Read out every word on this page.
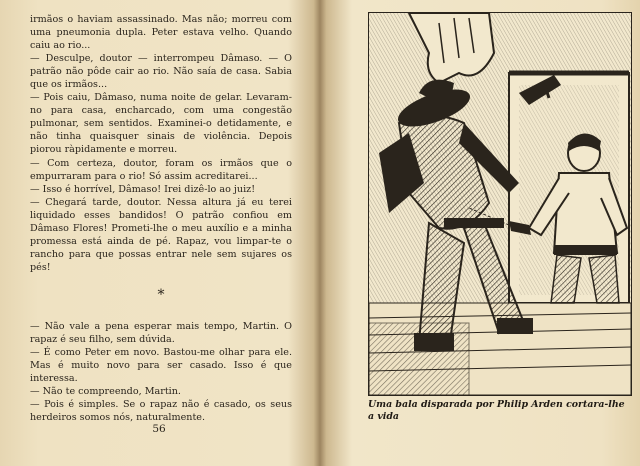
irmãos o haviam assassinado. Mas não; morreu com uma pneumonia dupla. Peter estava velho. Quando caiu ao rio...

— Desculpe, doutor — interrompeu Dâmaso. — O patrão não pôde cair ao rio. Não saía de casa. Sabia que os irmãos...

— Pois caiu, Dâmaso, numa noite de gelar. Levaram-no para casa, encharcado, com uma congestão pulmonar, sem sentidos. Examinei-o detidamente, e não tinha quaisquer sinais de violência. Depois piorou ràpidamente e morreu.

— Com certeza, doutor, foram os irmãos que o empurraram para o rio! Só assim acreditarei...

— Isso é horrível, Dâmaso! Irei dizê-lo ao juiz!

— Chegará tarde, doutor. Nessa altura já eu terei liquidado esses bandidos! O patrão confiou em Dâmaso Flores! Prometi-lhe o meu auxílio e a minha promessa está ainda de pé. Rapaz, vou limpar-te o rancho para que possas entrar nele sem sujares os pés!

*

— Não vale a pena esperar mais tempo, Martin. O rapaz é seu filho, sem dúvida.

— É como Peter em novo. Bastou-me olhar para ele. Mas é muito novo para ser casado. Isso é que interessa.

— Não te compreendo, Martin.

— Pois é simples. Se o rapaz não é casado, os seus herdeiros somos nós, naturalmente.

56
Uma bala disparada por Philip Arden cortara-lhe a vida
